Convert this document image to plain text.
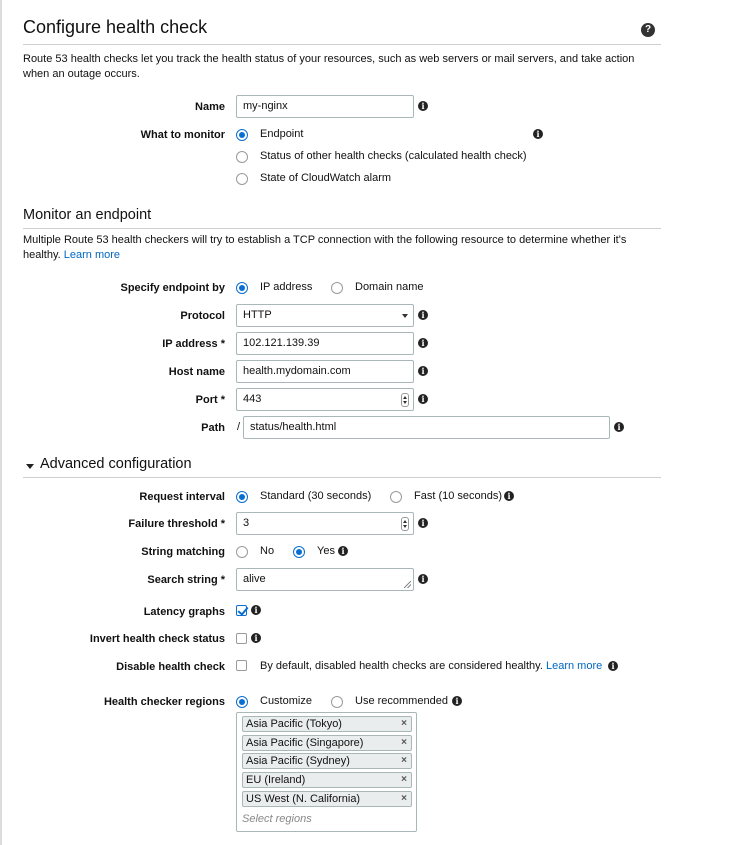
Configure health check	?
Route 53 health checks let you track the health status of your resources, such as web servers or mail servers, and take action when an outage occurs.
Name	my-nginx	i
What to monitor	Endpoint	i
Status of other health checks (calculated health check)
State of CloudWatch alarm
Monitor an endpoint
Multiple Route 53 health checkers will try to establish a TCP connection with the following resource to determine whether it's healthy. Learn more
Specify endpoint by	IP address	Domain name
Protocol	HTTP	i
IP address *	102.121.139.39	i
Host name	health.mydomain.com	i
Port *	443	i
Path / status/health.html	i
Advanced configuration
Request interval	Standard (30 seconds)	Fast (10 seconds) i
Failure threshold *	3	i
String matching	No	Yes i
Search string *	alive	i
Latency graphs	i
Invert health check status	i
Disable health check	By default, disabled health checks are considered healthy. Learn more	i
Health checker regions	Customize	Use recommended i
Asia Pacific (Tokyo)	×
Asia Pacific (Singapore)	×
Asia Pacific (Sydney)	×
EU (Ireland)	×
US West (N. California)	×
Select regions
